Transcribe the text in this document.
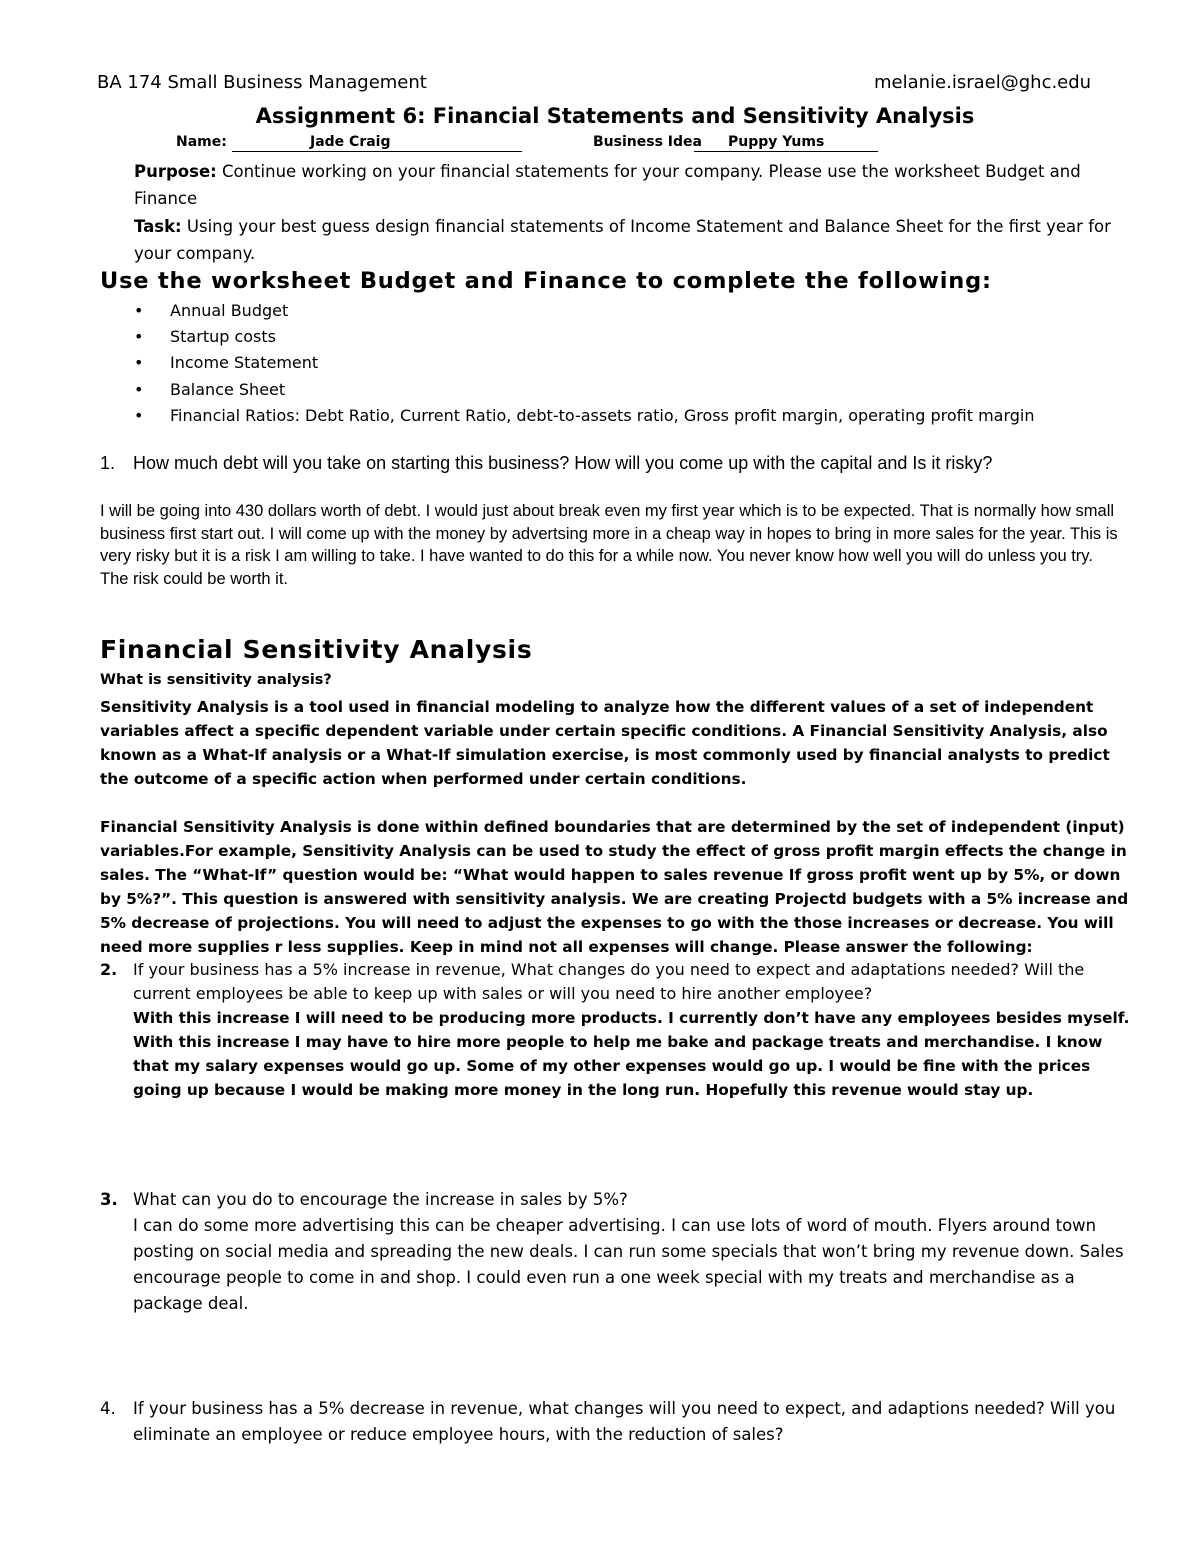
BA 174 Small Business Management	melanie.israel@ghc.edu
Assignment 6: Financial Statements and Sensitivity Analysis
Name:	Jade Craig	Business Idea Puppy Yums
Purpose: Continue working on your financial statements for your company. Please use the worksheet Budget and Finance
Task: Using your best guess design financial statements of Income Statement and Balance Sheet for the first year for your company.
Use the worksheet Budget and Finance to complete the following:
• Annual Budget
• Startup costs
• Income Statement
• Balance Sheet
• Financial Ratios: Debt Ratio, Current Ratio, debt-to-assets ratio, Gross profit margin, operating profit margin
1. How much debt will you take on starting this business? How will you come up with the capital and Is it risky?
I will be going into 430 dollars worth of debt. I would just about break even my first year which is to be expected. That is normally how small business first start out. I will come up with the money by advertsing more in a cheap way in hopes to bring in more sales for the year. This is very risky but it is a risk I am willing to take. I have wanted to do this for a while now. You never know how well you will do unless you try. The risk could be worth it.
Financial Sensitivity Analysis
What is sensitivity analysis?
Sensitivity Analysis is a tool used in financial modeling to analyze how the different values of a set of independent variables affect a specific dependent variable under certain specific conditions. A Financial Sensitivity Analysis, also known as a What-If analysis or a What-If simulation exercise, is most commonly used by financial analysts to predict the outcome of a specific action when performed under certain conditions.
Financial Sensitivity Analysis is done within defined boundaries that are determined by the set of independent (input) variables.For example, Sensitivity Analysis can be used to study the effect of gross profit margin effects the change in sales. The “What-If” question would be: “What would happen to sales revenue If gross profit went up by 5%, or down by 5%?”. This question is answered with sensitivity analysis. We are creating Projectd budgets with a 5% increase and 5% decrease of projections. You will need to adjust the expenses to go with the those increases or decrease. You will need more supplies r less supplies. Keep in mind not all expenses will change. Please answer the following:
2. If your business has a 5% increase in revenue, What changes do you need to expect and adaptations needed? Will the current employees be able to keep up with sales or will you need to hire another employee?
With this increase I will need to be producing more products. I currently don’t have any employees besides myself. With this increase I may have to hire more people to help me bake and package treats and merchandise. I know that my salary expenses would go up. Some of my other expenses would go up. I would be fine with the prices going up because I would be making more money in the long run. Hopefully this revenue would stay up.
3. What can you do to encourage the increase in sales by 5%?
I can do some more advertising this can be cheaper advertising. I can use lots of word of mouth. Flyers around town posting on social media and spreading the new deals. I can run some specials that won’t bring my revenue down. Sales encourage people to come in and shop. I could even run a one week special with my treats and merchandise as a package deal.
4. If your business has a 5% decrease in revenue, what changes will you need to expect, and adaptions needed? Will you eliminate an employee or reduce employee hours, with the reduction of sales?
